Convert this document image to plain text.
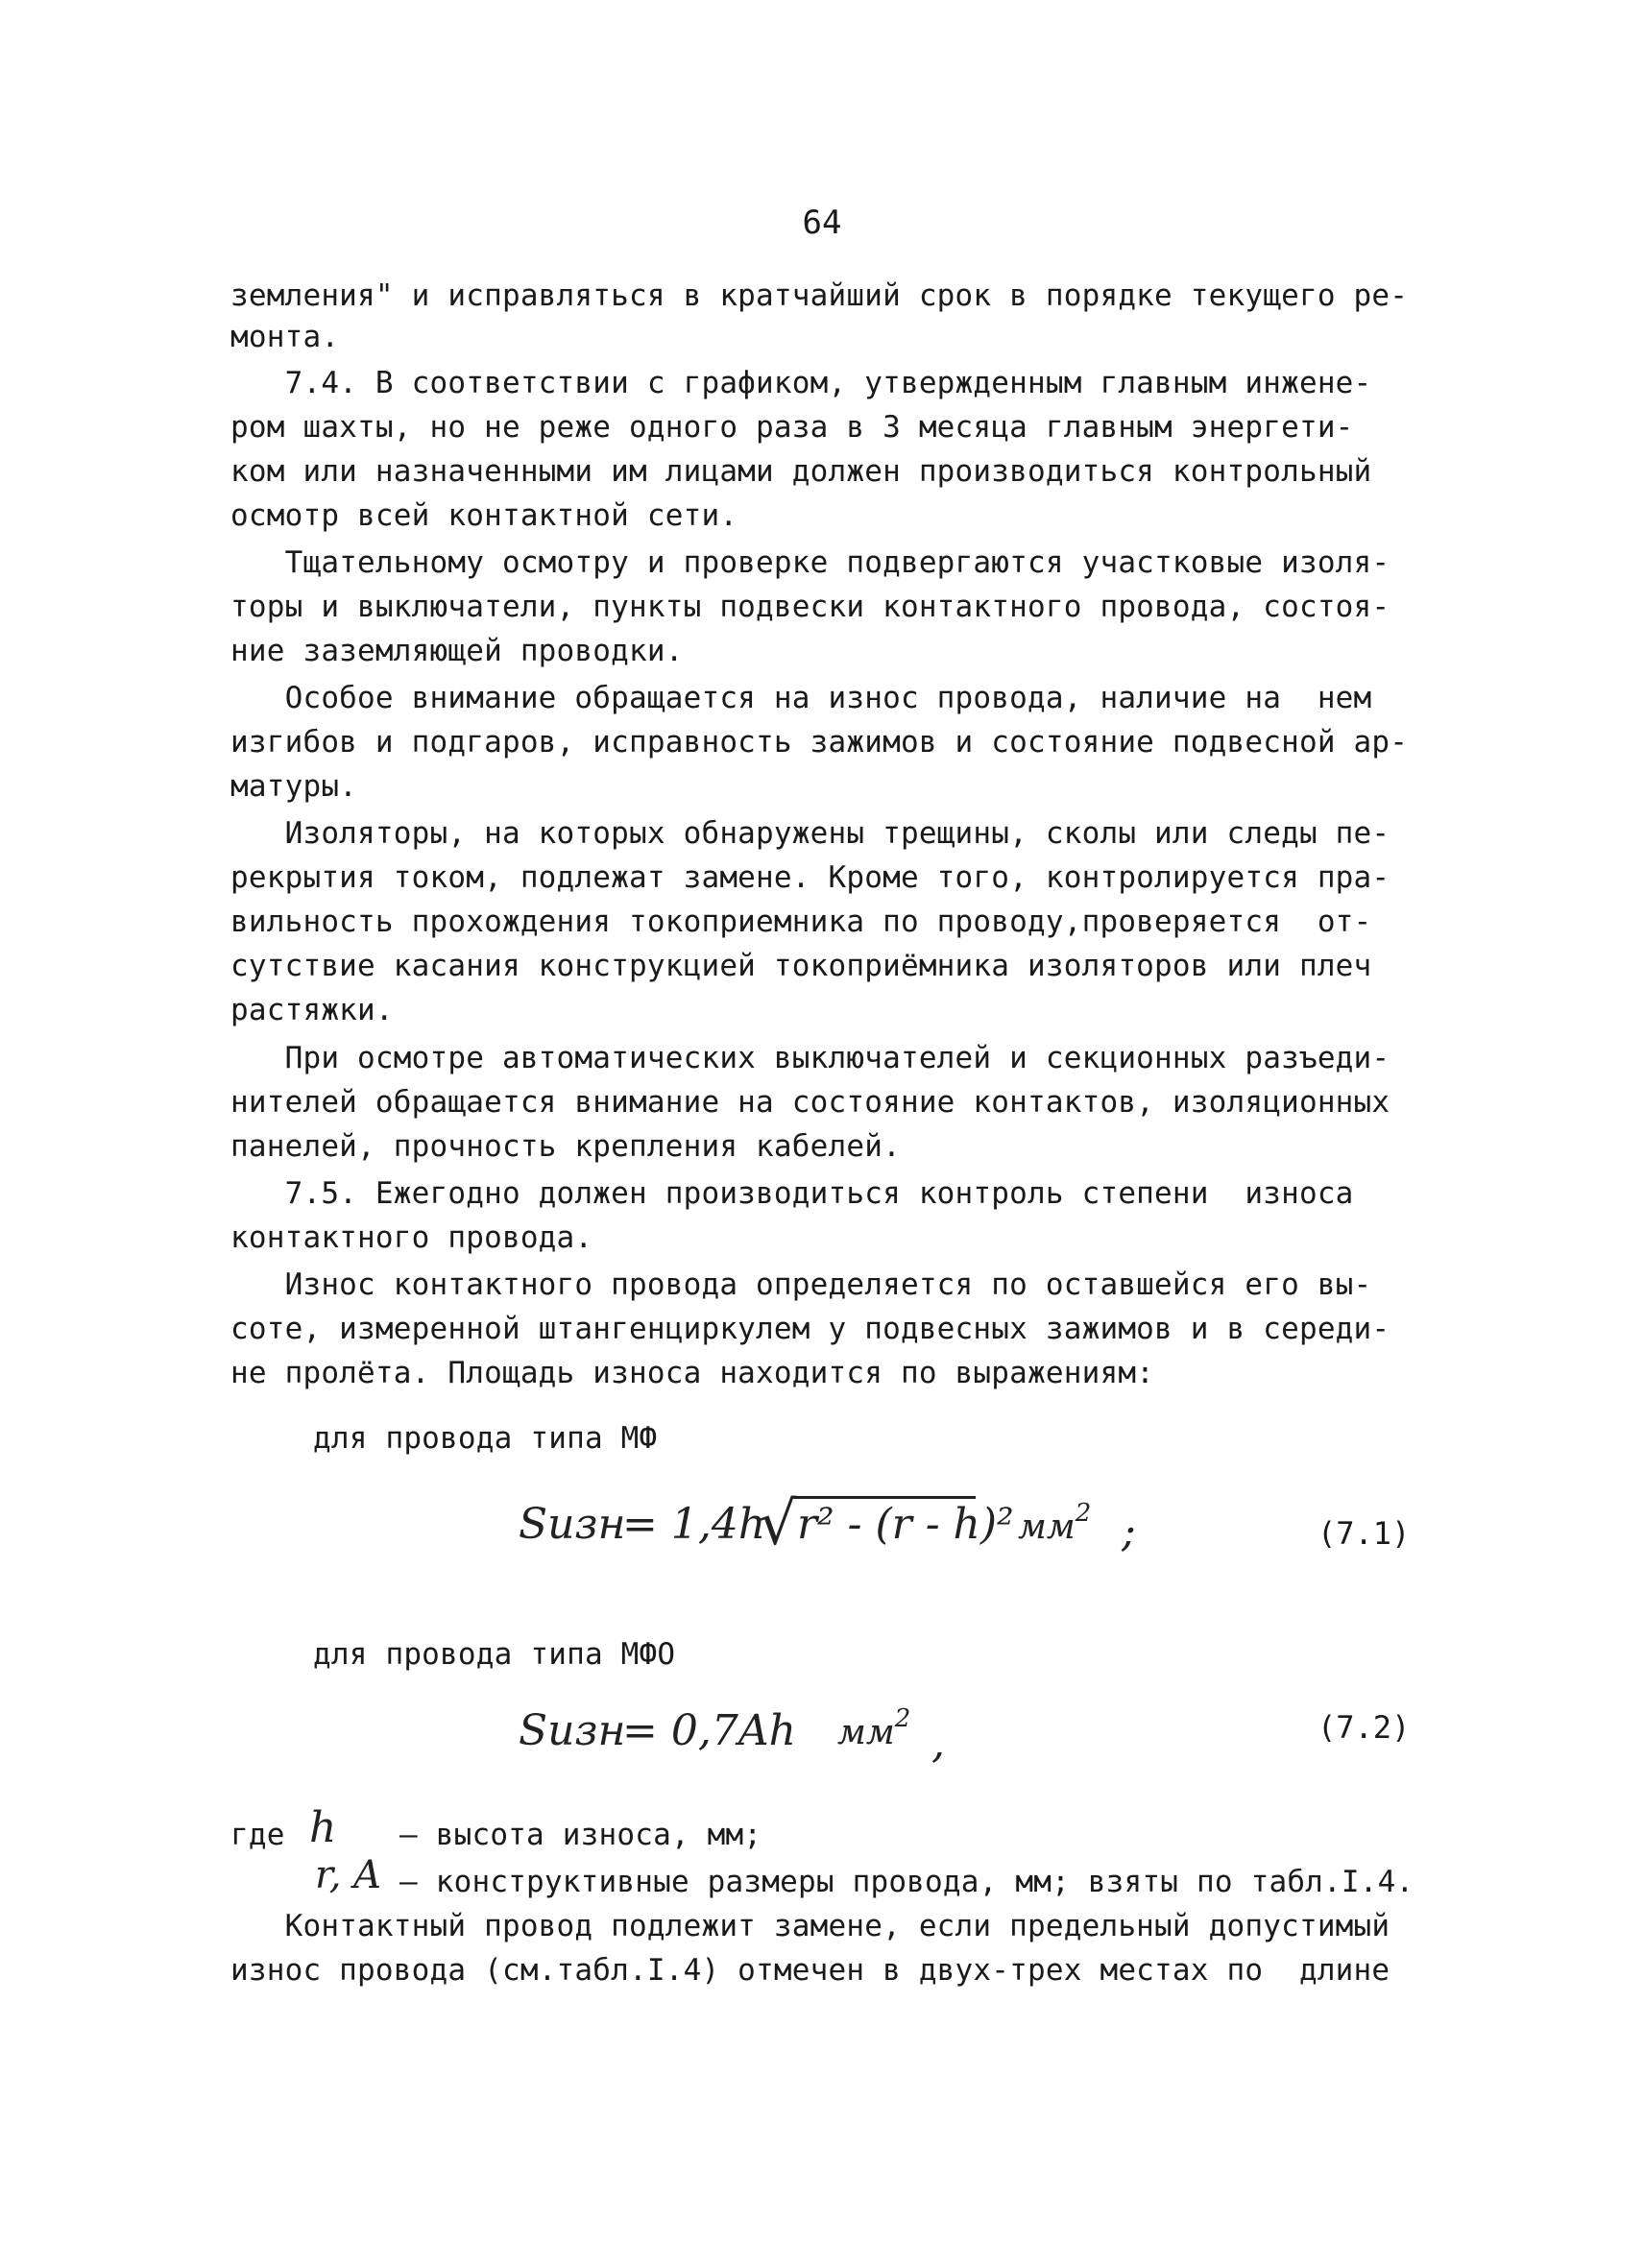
64
земления" и исправляться в кратчайший срок в порядке текущего ре-
монта.
7.4. В соответствии с графиком, утвержденным главным инжене-
ром шахты, но не реже одного раза в 3 месяца главным энергети-
ком или назначенными им лицами должен производиться контрольный
осмотр всей контактной сети.
Тщательному осмотру и проверке подвергаются участковые изоля-
торы и выключатели, пункты подвески контактного провода, состоя-
ние заземляющей проводки.
Особое внимание обращается на износ провода, наличие на  нем
изгибов и подгаров, исправность зажимов и состояние подвесной ар-
матуры.
Изоляторы, на которых обнаружены трещины, сколы или следы пе-
рекрытия током, подлежат замене. Кроме того, контролируется пра-
вильность прохождения токоприемника по проводу,проверяется  от-
сутствие касания конструкцией токоприёмника изоляторов или плеч
растяжки.
При осмотре автоматических выключателей и секционных разъеди-
нителей обращается внимание на состояние контактов, изоляционных
панелей, прочность крепления кабелей.
7.5. Ежегодно должен производиться контроль степени  износа
контактного провода.
Износ контактного провода определяется по оставшейся его вы-
соте, измеренной штангенциркулем у подвесных зажимов и в середи-
не пролёта. Площадь износа находится по выражениям:
для провода типа МФ
Sизн
= 1,4h
√ r² - (r - h)² $мм^2$ ;	(7.1)
для провода типа МФО
Sизн
= 0,7Ah $мм^2$ ,	(7.2)
где h – высота износа, мм;
r, A – конструктивные размеры провода, мм; взяты по табл.I.4.
Контактный провод подлежит замене, если предельный допустимый
износ провода (см.табл.I.4) отмечен в двух-трех местах по  длине
